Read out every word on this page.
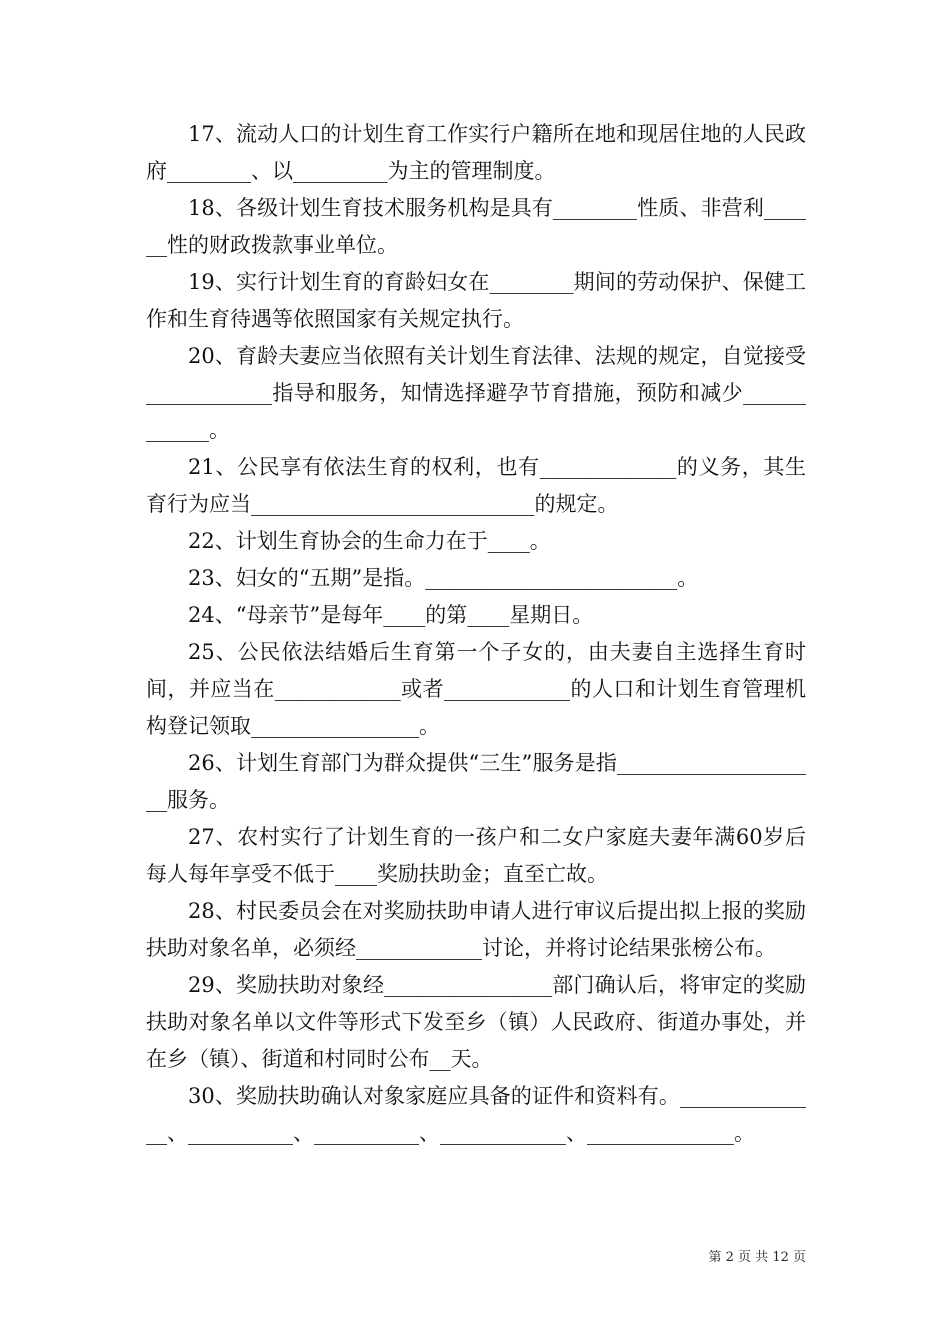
17、流动人口的计划生育工作实行户籍所在地和现居住地的人民政府________、以_________为主的管理制度。

18、各级计划生育技术服务机构是具有________性质、非营利______性的财政拨款事业单位。

19、实行计划生育的育龄妇女在________期间的劳动保护、保健工作和生育待遇等依照国家有关规定执行。

20、育龄夫妻应当依照有关计划生育法律、法规的规定，自觉接受____________指导和服务，知情选择避孕节育措施，预防和减少____________。

21、公民享有依法生育的权利，也有_____________的义务，其生育行为应当___________________________的规定。

22、计划生育协会的生命力在于____。

23、妇女的“五期”是指。________________________。

24、“母亲节”是每年____的第____星期日。

25、公民依法结婚后生育第一个子女的，由夫妻自主选择生育时间，并应当在____________或者____________的人口和计划生育管理机构登记领取________________。

26、计划生育部门为群众提供“三生”服务是指____________________服务。

27、农村实行了计划生育的一孩户和二女户家庭夫妻年满60岁后每人每年享受不低于____奖励扶助金；直至亡故。

28、村民委员会在对奖励扶助申请人进行审议后提出拟上报的奖励扶助对象名单，必须经____________讨论，并将讨论结果张榜公布。

29、奖励扶助对象经________________部门确认后，将审定的奖励扶助对象名单以文件等形式下发至乡（镇）人民政府、街道办事处，并在乡（镇）、街道和村同时公布__天。

30、奖励扶助确认对象家庭应具备的证件和资料有。______________、__________、__________、____________、______________。

第 2 页 共 12 页
